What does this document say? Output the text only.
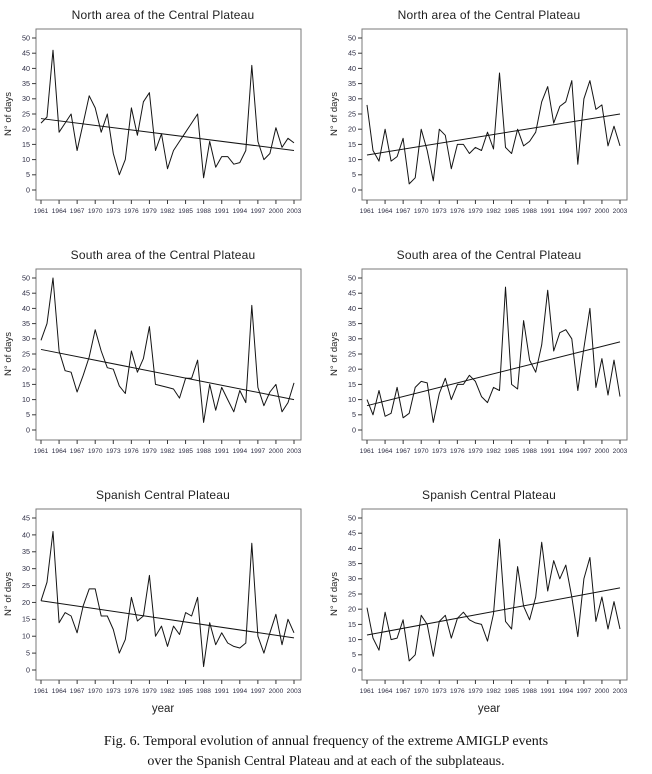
North area of the Central Plateau
0
5
10
15
20
25
30
35
40
45
50
1961 1964 1967 1970 1973 1976 1979 1982 1985 1988 1991 1994 1997 2000 2003
N° of days
North area of the Central Plateau
0
5
10
15
20
25
30
35
40
45
50
1961 1964 1967 1970 1973 1976 1979 1982 1985 1988 1991 1994 1997 2000 2003
N° of days
South area of the Central Plateau
0
5
10
15
20
25
30
35
40
45
50
1961 1964 1967 1970 1973 1976 1979 1982 1985 1988 1991 1994 1997 2000 2003
N° of days
South area of the Central Plateau
0
5
10
15
20
25
30
35
40
45
50
1961 1964 1967 1970 1973 1976 1979 1982 1985 1988 1991 1994 1997 2000 2003
N° of days
Spanish Central Plateau
0
5
10
15
20
25
30
35
40
45
1961 1964 1967 1970 1973 1976 1979 1982 1985 1988 1991 1994 1997 2000 2003
N° of days
year
Spanish Central Plateau
0
5
10
15
20
25
30
35
40
45
50
1961 1964 1967 1970 1973 1976 1979 1982 1985 1988 1991 1994 1997 2000 2003
N° of days
year
Fig. 6. Temporal evolution of annual frequency of the extreme AMIGLP events over the Spanish Central Plateau and at each of the subplateaus.
